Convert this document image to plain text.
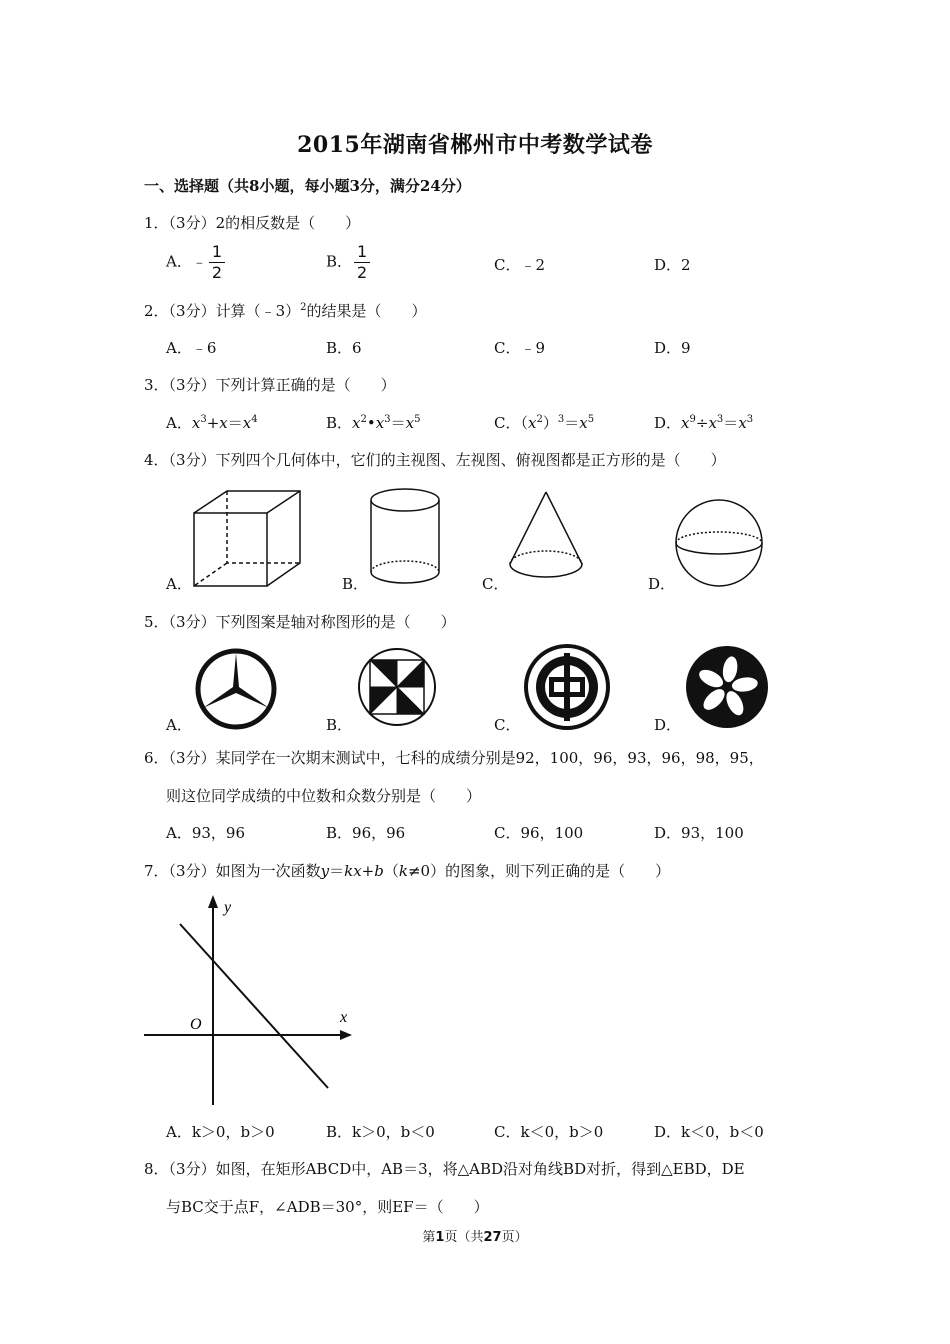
2015年湖南省郴州市中考数学试卷
一、选择题（共8小题，每小题3分，满分24分）
1．（3分）2的相反数是（　　）
A．﹣ $\frac{1}{2}$	B． $\frac{1}{2}$	C．﹣2	D．2
2．（3分）计算（﹣3）$^2$的结果是（　　）
A．﹣6	B．6	C．﹣9	D．9
3．（3分）下列计算正确的是（　　）
A．$x^3+x=x^4$	B．$x^2•x^3=x^5$	C．$(x^2)^3=x^5$	D．$x^9\div x^3=x^3$
4．（3分）下列四个几何体中，它们的主视图、左视图、俯视图都是正方形的是（　　）
A．	B．	C．	D．
5．（3分）下列图案是轴对称图形的是（　　）
A．	B．	C．	D．
6．（3分）某同学在一次期末测试中，七科的成绩分别是92，100，96，93，96，98，95，
则这位同学成绩的中位数和众数分别是（　　）
A．93，96	B．96，96	C．96，100	D．93，100
7．（3分）如图为一次函数y＝kx+b（k≠0）的图象，则下列正确的是（　　）
x
y
O
A．k＞0，b＞0	B．k＞0，b＜0	C．k＜0，b＞0	D．k＜0，b＜0
8．（3分）如图，在矩形ABCD中，AB＝3，将△ABD沿对角线BD对折，得到△EBD，DE
与BC交于点F，∠ADB＝30°，则EF＝（　　）
第1页（共27页）
